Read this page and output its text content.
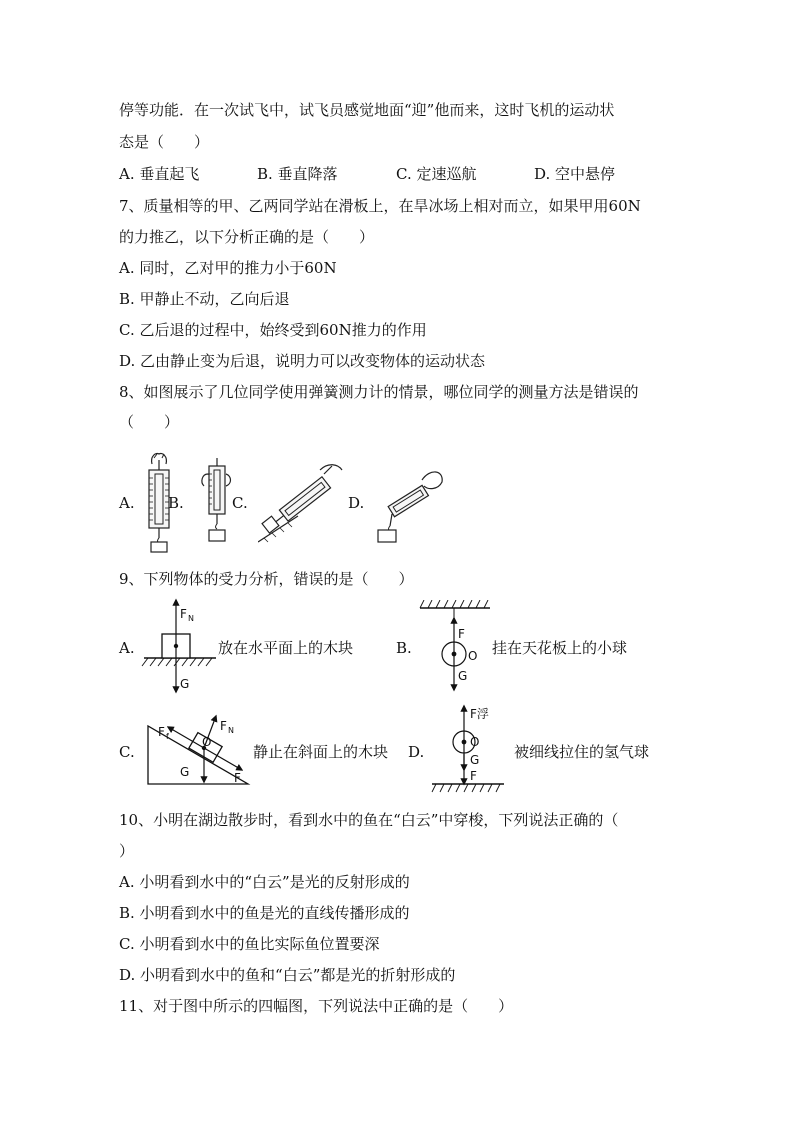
停等功能．在一次试飞中，试飞员感觉地面“迎”他而来，这时飞机的运动状
态是（　　）
A. 垂直起飞	B. 垂直降落	C. 定速巡航	D. 空中悬停
7、质量相等的甲、乙两同学站在滑板上，在旱冰场上相对而立，如果甲用60N
的力推乙，以下分析正确的是（　　）
A. 同时，乙对甲的推力小于60N
B. 甲静止不动，乙向后退
C. 乙后退的过程中，始终受到60N推力的作用
D. 乙由静止变为后退，说明力可以改变物体的运动状态
8、如图展示了几位同学使用弹簧测力计的情景，哪位同学的测量方法是错误的
（　　）
A. B.	C.	D.
9、下列物体的受力分析，错误的是（　　）
A.
F N
G
放在水平面上的木块	B.
F
O
G
挂在天花板上的小球
C.
F f
F N
O
G	F
静止在斜面上的木块 D.
F浮
O
G
F
被细线拉住的氢气球
10、小明在湖边散步时，看到水中的鱼在“白云”中穿梭，下列说法正确的（
）
A. 小明看到水中的“白云”是光的反射形成的
B. 小明看到水中的鱼是光的直线传播形成的
C. 小明看到水中的鱼比实际鱼位置要深
D. 小明看到水中的鱼和“白云”都是光的折射形成的
11、对于图中所示的四幅图，下列说法中正确的是（　　）
